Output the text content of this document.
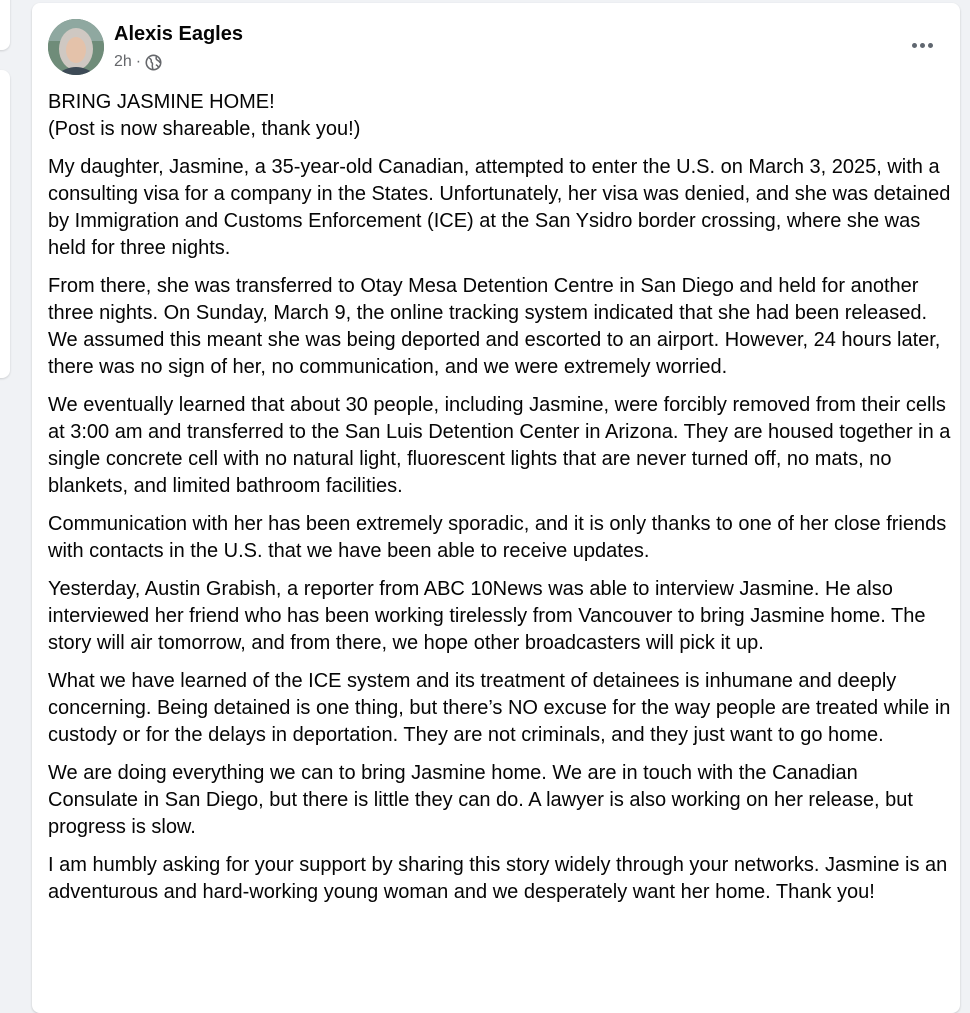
Alexis Eagles
2h ·

BRING JASMINE HOME!
(Post is now shareable, thank you!)

My daughter, Jasmine, a 35-year-old Canadian, attempted to enter the U.S. on March 3, 2025, with a consulting visa for a company in the States. Unfortunately, her visa was denied, and she was detained by Immigration and Customs Enforcement (ICE) at the San Ysidro border crossing, where she was held for three nights.

From there, she was transferred to Otay Mesa Detention Centre in San Diego and held for another three nights. On Sunday, March 9, the online tracking system indicated that she had been released. We assumed this meant she was being deported and escorted to an airport. However, 24 hours later, there was no sign of her, no communication, and we were extremely worried.

We eventually learned that about 30 people, including Jasmine, were forcibly removed from their cells at 3:00 am and transferred to the San Luis Detention Center in Arizona. They are housed together in a single concrete cell with no natural light, fluorescent lights that are never turned off, no mats, no blankets, and limited bathroom facilities.

Communication with her has been extremely sporadic, and it is only thanks to one of her close friends with contacts in the U.S. that we have been able to receive updates.

Yesterday, Austin Grabish, a reporter from ABC 10News was able to interview Jasmine. He also interviewed her friend who has been working tirelessly from Vancouver to bring Jasmine home. The story will air tomorrow, and from there, we hope other broadcasters will pick it up.

What we have learned of the ICE system and its treatment of detainees is inhumane and deeply concerning. Being detained is one thing, but there’s NO excuse for the way people are treated while in custody or for the delays in deportation. They are not criminals, and they just want to go home.

We are doing everything we can to bring Jasmine home. We are in touch with the Canadian Consulate in San Diego, but there is little they can do. A lawyer is also working on her release, but progress is slow.

I am humbly asking for your support by sharing this story widely through your networks. Jasmine is an adventurous and hard-working young woman and we desperately want her home. Thank you!
